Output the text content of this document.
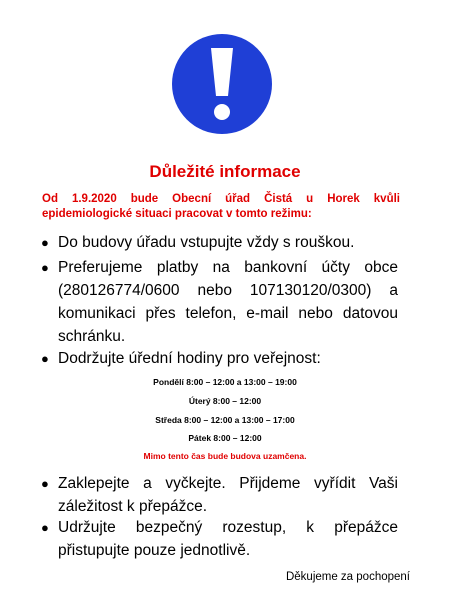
Důležité informace
Od 1.9.2020 bude Obecní úřad Čistá u Horek kvůli epidemiologické situaci pracovat v tomto režimu:
● Do budovy úřadu vstupujte vždy s rouškou.
● Preferujeme platby na bankovní účty obce (280126774/0600 nebo 107130120/0300) a komunikaci přes telefon, e-mail nebo datovou schránku.
● Dodržujte úřední hodiny pro veřejnost:
Pondělí 8:00 – 12:00 a 13:00 – 19:00
Úterý 8:00 – 12:00
Středa 8:00 – 12:00 a 13:00 – 17:00
Pátek 8:00 – 12:00
Mimo tento čas bude budova uzamčena.
● Zaklepejte a vyčkejte. Přijdeme vyřídit Vaši záležitost k přepážce.
● Udržujte bezpečný rozestup, k přepážce přistupujte pouze jednotlivě.
Děkujeme za pochopení
